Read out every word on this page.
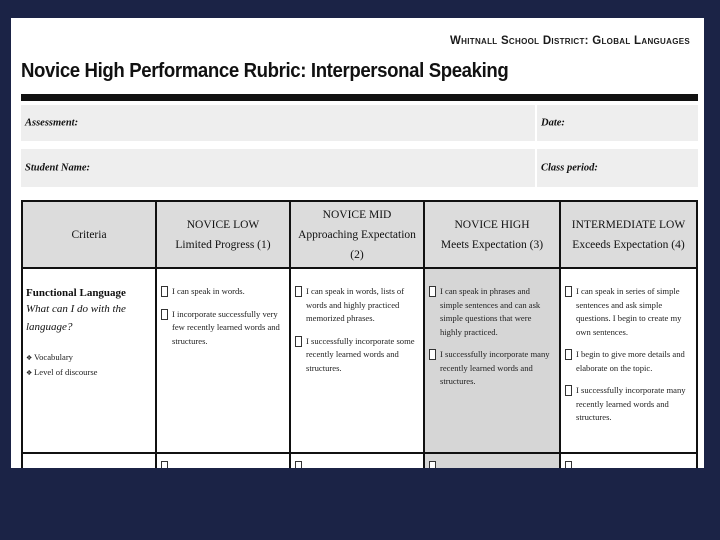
Whitnall School District: Global Languages
Novice High Performance Rubric: Interpersonal Speaking
Assessment:	Date:
Student Name:	Class period:
Criteria
NOVICE LOW
Limited Progress (1)
NOVICE MID
Approaching Expectation (2)
NOVICE HIGH
Meets Expectation (3)
INTERMEDIATE LOW
Exceeds Expectation (4)
Functional Language
What can I do with the language?
❖ Vocabulary
❖ Level of discourse
I can speak in words.
I incorporate successfully very few recently learned words and structures.
I can speak in words, lists of words and highly practiced memorized phrases.
I successfully incorporate some recently learned words and structures.
I can speak in phrases and simple sentences and can ask simple questions that were highly practiced.
I successfully incorporate many recently learned words and structures.
I can speak in series of simple sentences and ask simple questions. I begin to create my own sentences.
I begin to give more details and elaborate on the topic.
I successfully incorporate many recently learned words and structures.
